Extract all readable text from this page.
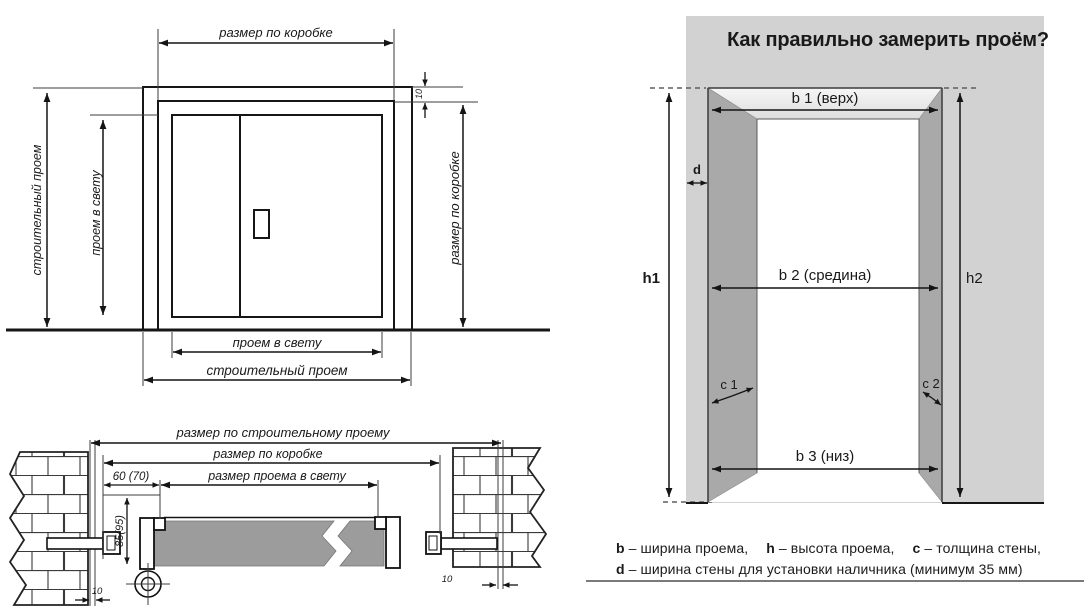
размер по коробке
10
размер по коробке
строительный проем	проем в свету
проем в свету
строительный проем
размер по строительному проему
размер по коробке
60 (70)	размер проема в свету
85(95)
10
10
Как правильно замерить проём?
h1	h2
b 1 (верх)
b 2 (средина)
b 3 (низ)
d
c 1	c 2
b – ширина проема, h – высота проема, c – толщина стены,
d – ширина стены для установки наличника (минимум 35 мм)
